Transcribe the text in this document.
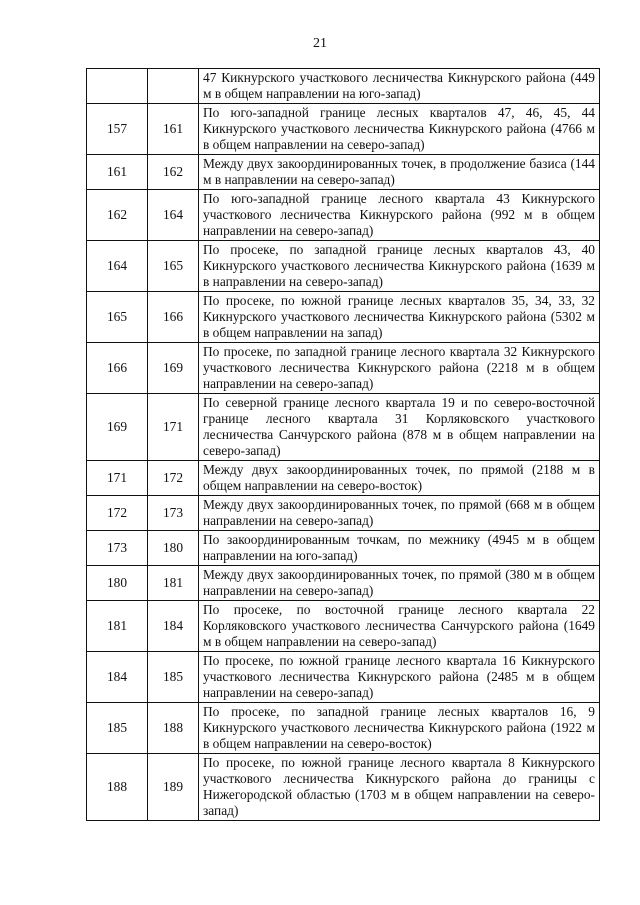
21
		47 Кикнурского участкового лесничества Кикнурского района (449 м в общем направлении на юго-запад)
157	161	По юго-западной границе лесных кварталов 47, 46, 45, 44 Кикнурского участкового лесничества Кикнурского района (4766 м в общем направлении на северо-запад)
161	162	Между двух закоординированных точек, в продолжение базиса (144 м в направлении на северо-запад)
162	164	По юго-западной границе лесного квартала 43 Кикнурского участкового лесничества Кикнурского района (992 м в общем направлении на северо-запад)
164	165	По просеке, по западной границе лесных кварталов 43, 40 Кикнурского участкового лесничества Кикнурского района (1639 м в направлении на северо-запад)
165	166	По просеке, по южной границе лесных кварталов 35, 34, 33, 32 Кикнурского участкового лесничества Кикнурского района (5302 м в общем направлении на запад)
166	169	По просеке, по западной границе лесного квартала 32 Кикнурского участкового лесничества Кикнурского района (2218 м в общем направлении на северо-запад)
169	171	По северной границе лесного квартала 19 и по северо-восточной границе лесного квартала 31 Корляковского участкового лесничества Санчурского района (878 м в общем направлении на северо-запад)
171	172	Между двух закоординированных точек, по прямой (2188 м в общем направлении на северо-восток)
172	173	Между двух закоординированных точек, по прямой (668 м в общем направлении на северо-запад)
173	180	По закоординированным точкам, по межнику (4945 м в общем направлении на юго-запад)
180	181	Между двух закоординированных точек, по прямой (380 м в общем направлении на северо-запад)
181	184	По просеке, по восточной границе лесного квартала 22 Корляковского участкового лесничества Санчурского района (1649 м в общем направлении на северо-запад)
184	185	По просеке, по южной границе лесного квартала 16 Кикнурского участкового лесничества Кикнурского района (2485 м в общем направлении на северо-запад)
185	188	По просеке, по западной границе лесных кварталов 16, 9 Кикнурского участкового лесничества Кикнурского района (1922 м в общем направлении на северо-восток)
188	189	По просеке, по южной границе лесного квартала 8 Кикнурского участкового лесничества Кикнурского района до границы с Нижегородской областью (1703 м в общем направлении на северо-запад)
